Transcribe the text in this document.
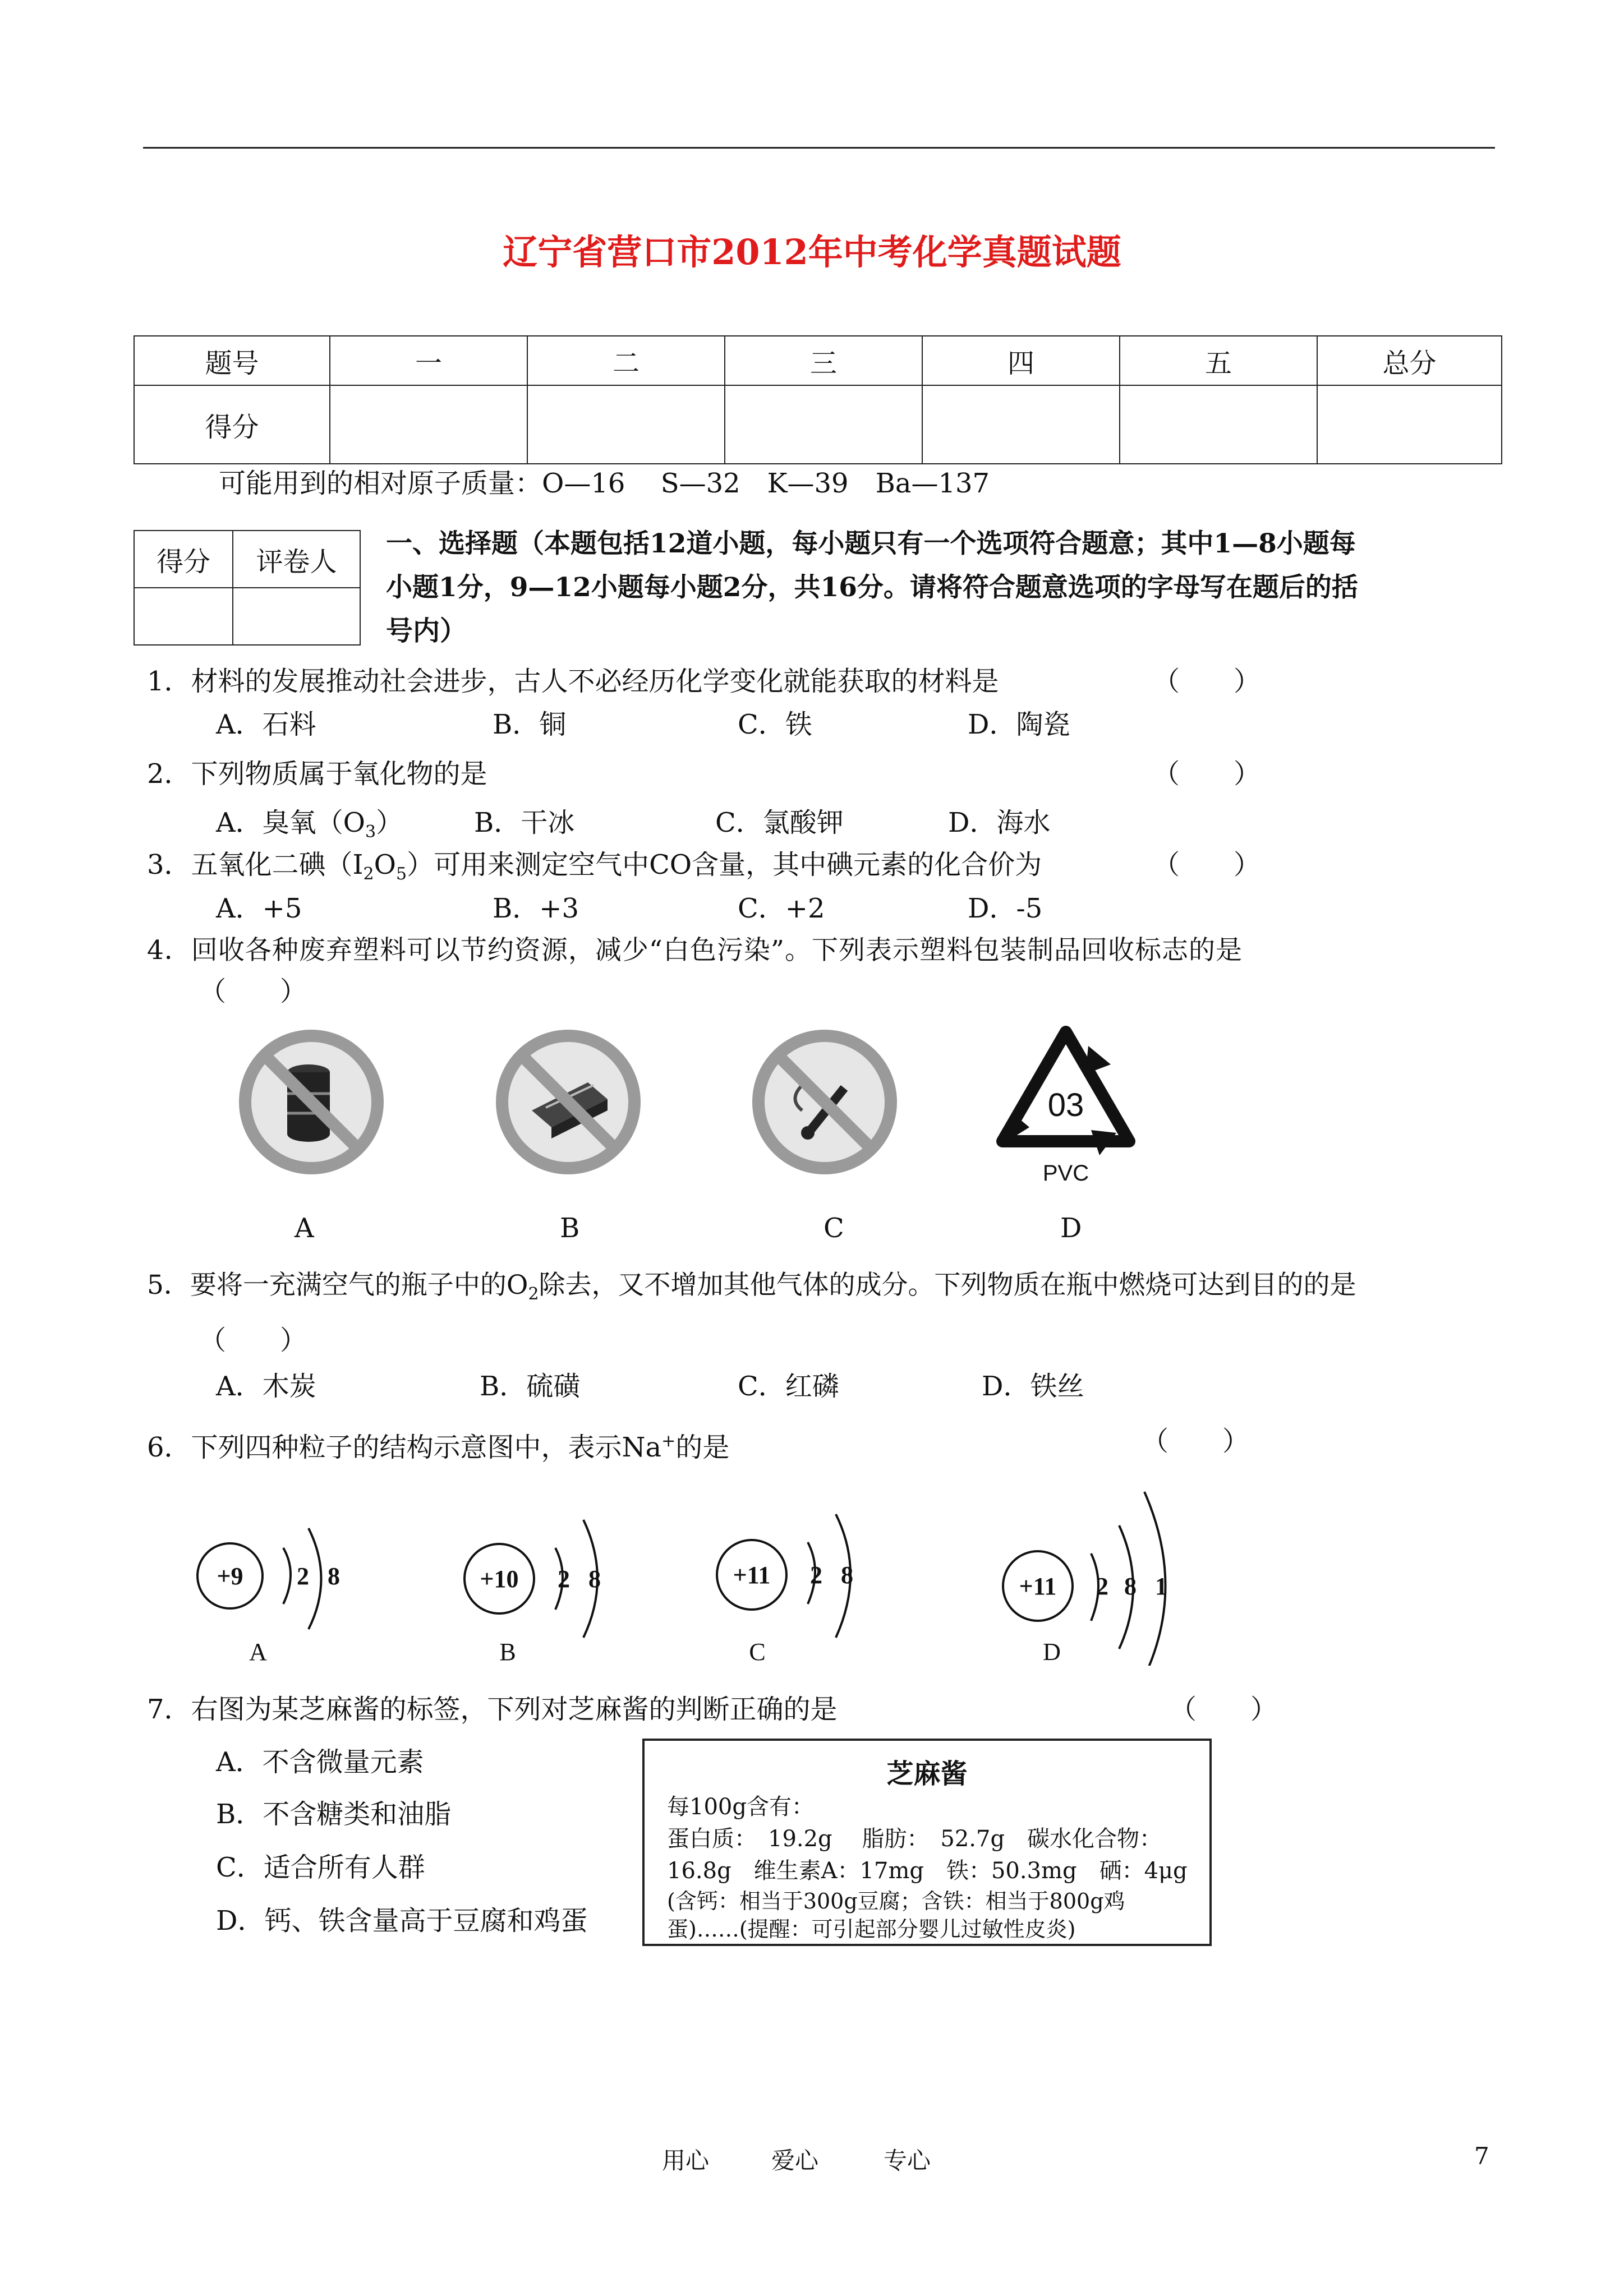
辽宁省营口市2012年中考化学真题试题
题号	一	二	三	四	五	总分
得分						
可能用到的相对原子质量：O—16　 S—32　K—39　Ba—137
得分	评卷人

一、选择题（本题包括12道小题，每小题只有一个选项符合题意；其中1—8小题每
小题1分，9—12小题每小题2分，共16分。请将符合题意选项的字母写在题后的括
号内）
1．材料的发展推动社会进步，古人不必经历化学变化就能获取的材料是	（　　）
A．石料	B．铜	C．铁	D．陶瓷
2．下列物质属于氧化物的是	（　　）
A．臭氧$(O_3)$	B．干冰	C．氯酸钾	D．海水
3．五氧化二碘$(I_2O_5)$可用来测定空气中CO含量，其中碘元素的化合价为	（　　）
A．+5	B．+3	C．+2	D．-5
4．回收各种废弃塑料可以节约资源，减少“白色污染”。下列表示塑料包装制品回收标志的是
（　　）
03
PVC
A	B	C	D
5．要将一充满空气的瓶子中的$O_2$除去，又不增加其他气体的成分。下列物质在瓶中燃烧可达到目的的是
（　　）
A．木炭	B．硫磺	C．红磷	D．铁丝
6．下列四种粒子的结构示意图中，表示Na+的是	（　　）
+9 2 8
A
+10 2 8
B
+11 2 8
C
+11 2 8 1
D
7．右图为某芝麻酱的标签，下列对芝麻酱的判断正确的是	（　　）
A．不含微量元素
B．不含糖类和油脂
C．适合所有人群
D．钙、铁含量高于豆腐和鸡蛋
芝麻酱
每100g含有：
蛋白质：　19.2g　 脂肪：　52.7g　碳水化合物：
16.8g　维生素A：17mg　铁：50.3mg　硒：4μg
(含钙：相当于300g豆腐；含铁：相当于800g鸡
蛋)……(提醒：可引起部分婴儿过敏性皮炎)
用心	爱心	专心	7
